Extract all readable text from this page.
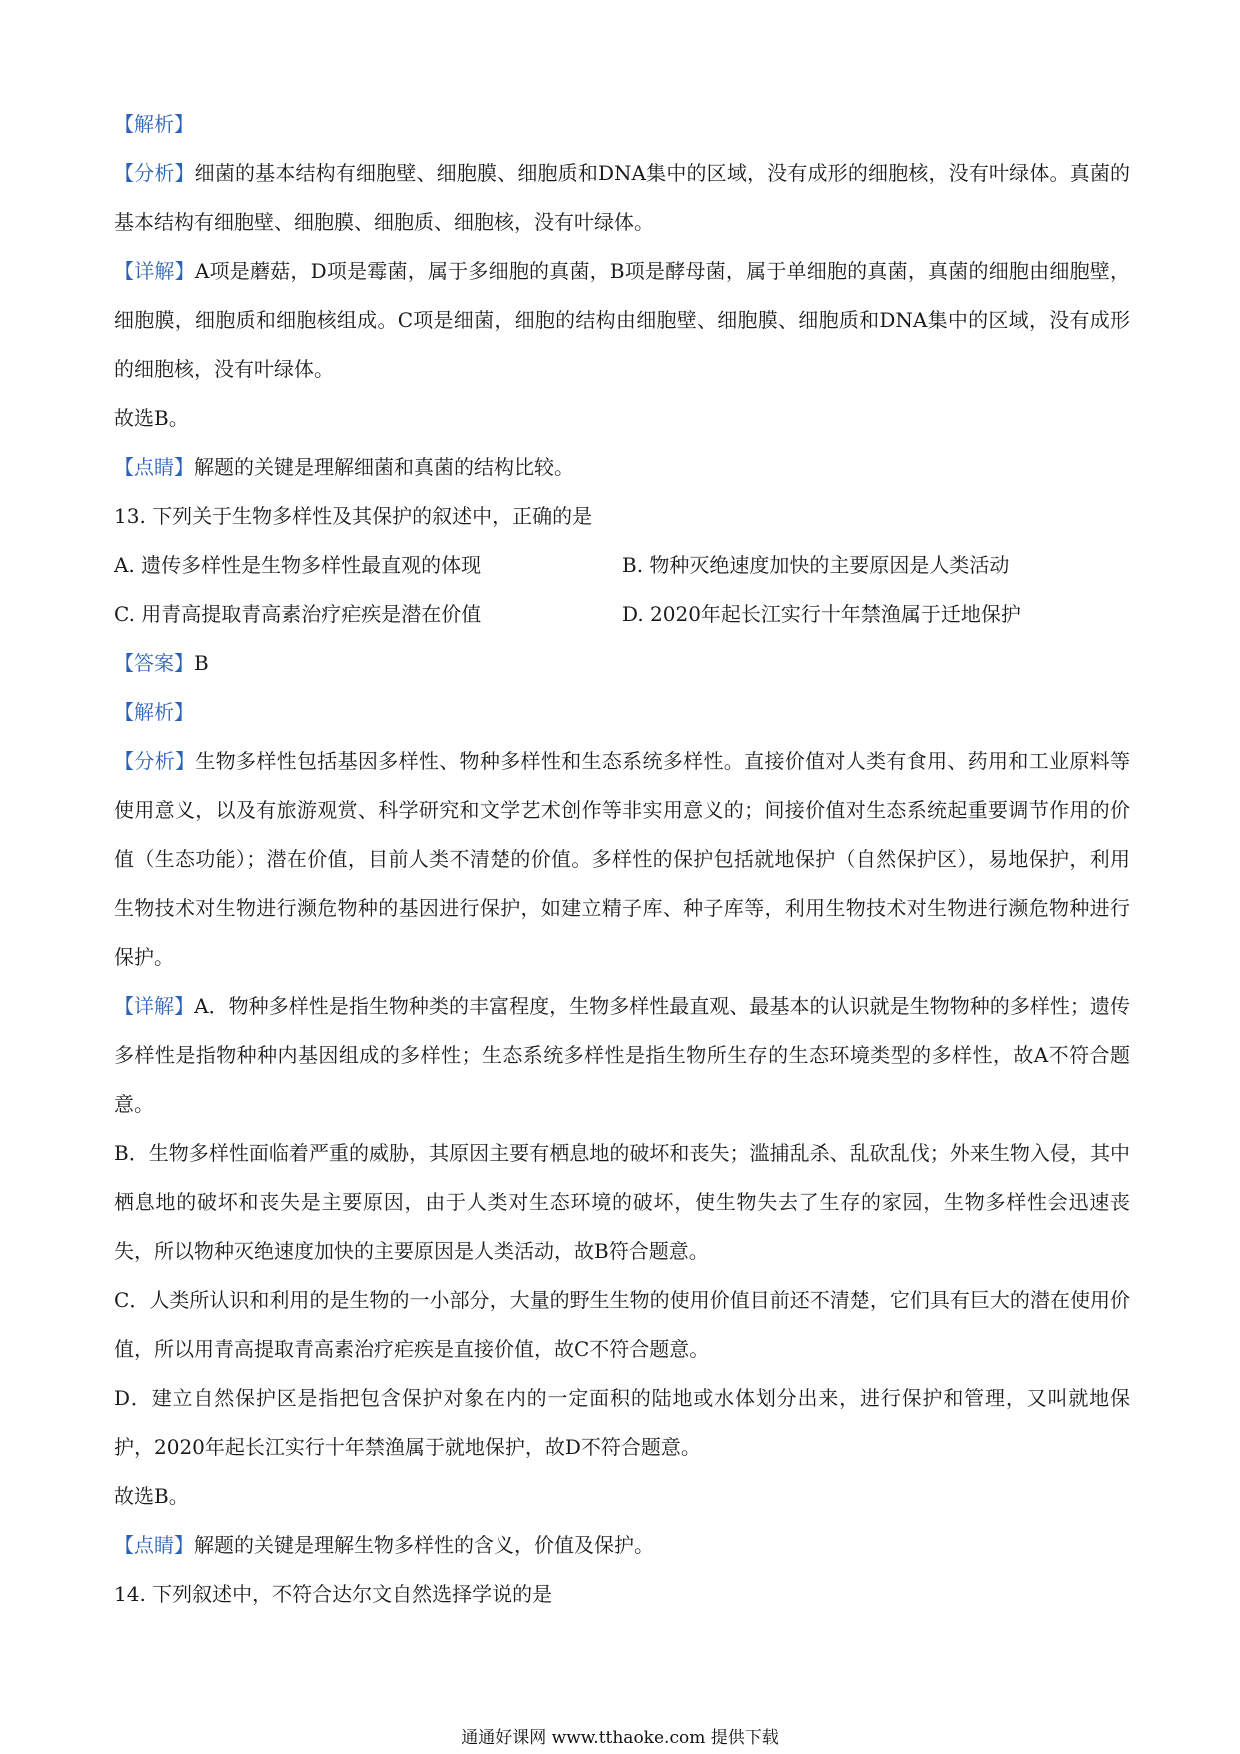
【解析】
【分析】细菌的基本结构有细胞壁、细胞膜、细胞质和DNA集中的区域，没有成形的细胞核，没有叶绿体。真菌的基本结构有细胞壁、细胞膜、细胞质、细胞核，没有叶绿体。
【详解】A项是蘑菇，D项是霉菌，属于多细胞的真菌，B项是酵母菌，属于单细胞的真菌，真菌的细胞由细胞壁，细胞膜，细胞质和细胞核组成。C项是细菌，细胞的结构由细胞壁、细胞膜、细胞质和DNA集中的区域，没有成形的细胞核，没有叶绿体。
故选B。
【点睛】解题的关键是理解细菌和真菌的结构比较。
13. 下列关于生物多样性及其保护的叙述中，正确的是
A. 遗传多样性是生物多样性最直观的体现	B. 物种灭绝速度加快的主要原因是人类活动
C. 用青高提取青高素治疗疟疾是潜在价值	D. 2020年起长江实行十年禁渔属于迁地保护
【答案】B
【解析】
【分析】生物多样性包括基因多样性、物种多样性和生态系统多样性。直接价值对人类有食用、药用和工业原料等使用意义，以及有旅游观赏、科学研究和文学艺术创作等非实用意义的；间接价值对生态系统起重要调节作用的价值（生态功能）；潜在价值，目前人类不清楚的价值。多样性的保护包括就地保护（自然保护区），易地保护，利用生物技术对生物进行濒危物种的基因进行保护，如建立精子库、种子库等，利用生物技术对生物进行濒危物种进行保护。
【详解】A．物种多样性是指生物种类的丰富程度，生物多样性最直观、最基本的认识就是生物物种的多样性；遗传多样性是指物种种内基因组成的多样性；生态系统多样性是指生物所生存的生态环境类型的多样性，故A不符合题意。
B．生物多样性面临着严重的威胁，其原因主要有栖息地的破坏和丧失；滥捕乱杀、乱砍乱伐；外来生物入侵，其中栖息地的破坏和丧失是主要原因，由于人类对生态环境的破坏，使生物失去了生存的家园，生物多样性会迅速丧失，所以物种灭绝速度加快的主要原因是人类活动，故B符合题意。
C．人类所认识和利用的是生物的一小部分，大量的野生生物的使用价值目前还不清楚，它们具有巨大的潜在使用价值，所以用青高提取青高素治疗疟疾是直接价值，故C不符合题意。
D．建立自然保护区是指把包含保护对象在内的一定面积的陆地或水体划分出来，进行保护和管理，又叫就地保护，2020年起长江实行十年禁渔属于就地保护，故D不符合题意。
故选B。
【点睛】解题的关键是理解生物多样性的含义，价值及保护。
14. 下列叙述中，不符合达尔文自然选择学说的是
通通好课网 www.tthaoke.com 提供下载
